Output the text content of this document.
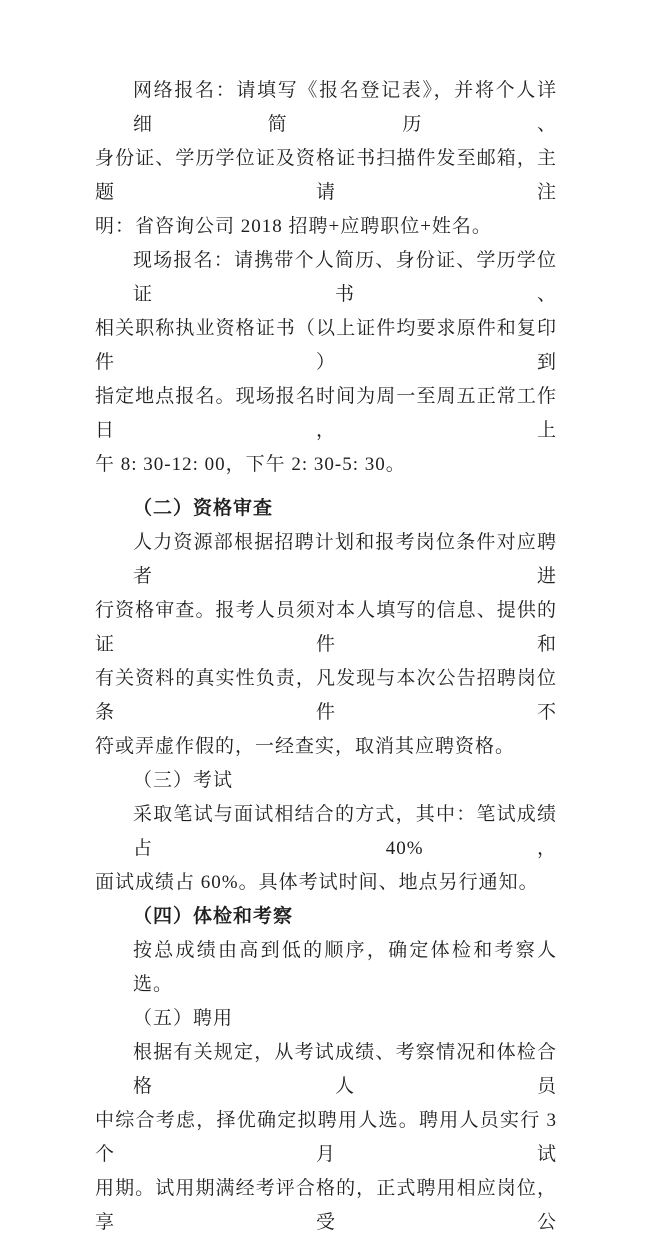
网络报名：请填写《报名登记表》，并将个人详细简历、
身份证、学历学位证及资格证书扫描件发至邮箱，主题请注
明：省咨询公司 2018 招聘+应聘职位+姓名。
现场报名：请携带个人简历、身份证、学历学位证书、
相关职称执业资格证书（以上证件均要求原件和复印件）到
指定地点报名。现场报名时间为周一至周五正常工作日，上
午 8: 30-12: 00，下午 2: 30-5: 30。
（二）资格审查
人力资源部根据招聘计划和报考岗位条件对应聘者进
行资格审查。报考人员须对本人填写的信息、提供的证件和
有关资料的真实性负责，凡发现与本次公告招聘岗位条件不
符或弄虚作假的，一经查实，取消其应聘资格。
（三）考试
采取笔试与面试相结合的方式，其中：笔试成绩占 40%，
面试成绩占 60%。具体考试时间、地点另行通知。
（四）体检和考察
按总成绩由高到低的顺序，确定体检和考察人选。
（五）聘用
根据有关规定，从考试成绩、考察情况和体检合格人员
中综合考虑，择优确定拟聘用人选。聘用人员实行 3 个月试
用期。试用期满经考评合格的，正式聘用相应岗位，享受公
